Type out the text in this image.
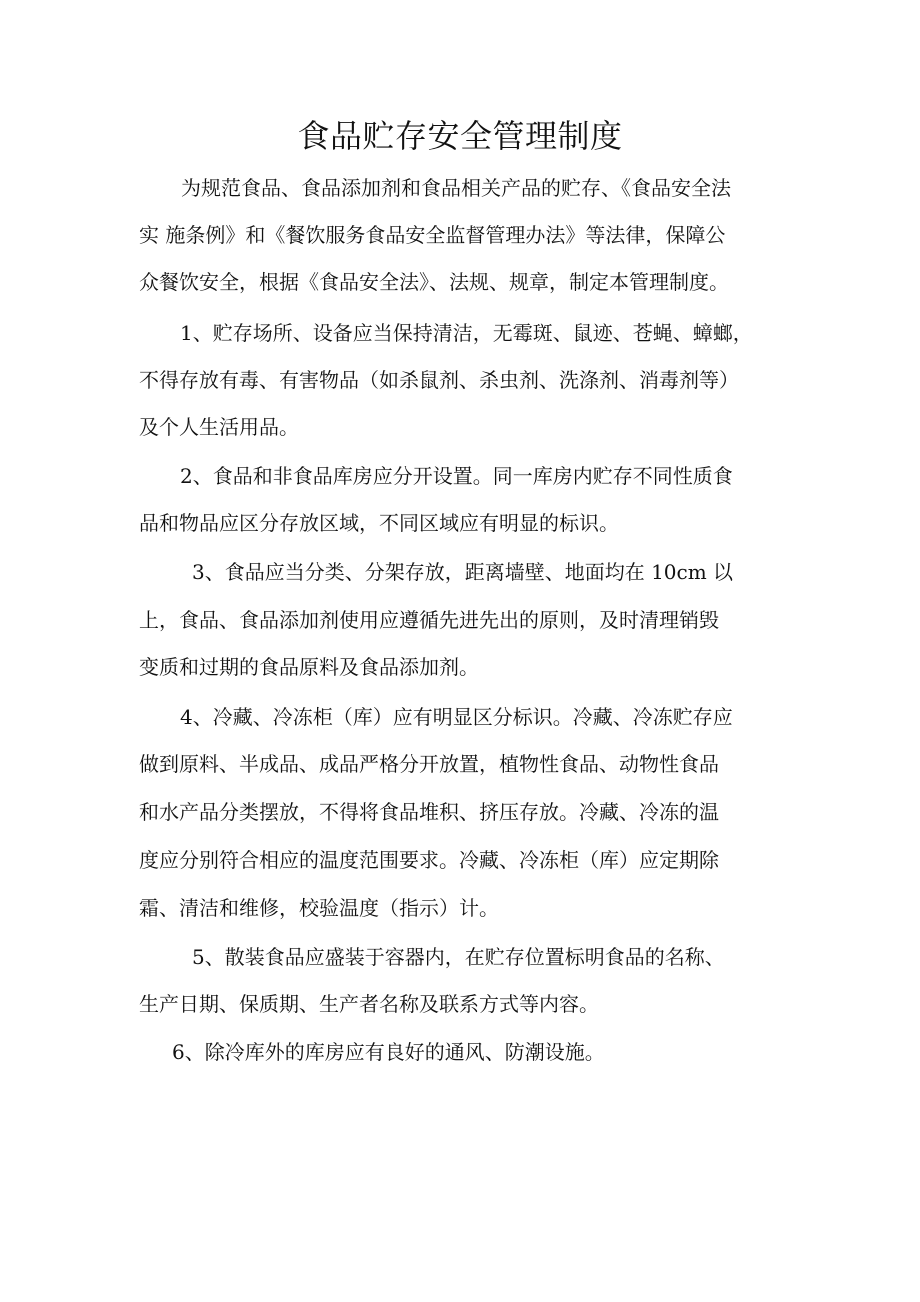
食品贮存安全管理制度
为规范食品、食品添加剂和食品相关产品的贮存、《食品安全法
实 施条例》和《餐饮服务食品安全监督管理办法》等法律，保障公
众餐饮安全，根据《食品安全法》、法规、规章，制定本管理制度。
1、贮存场所、设备应当保持清洁，无霉斑、鼠迹、苍蝇、蟑螂，
不得存放有毒、有害物品（如杀鼠剂、杀虫剂、洗涤剂、消毒剂等）
及个人生活用品。
2、食品和非食品库房应分开设置。同一库房内贮存不同性质食
品和物品应区分存放区域，不同区域应有明显的标识。
3、食品应当分类、分架存放，距离墙壁、地面均在 10cm 以
上，食品、食品添加剂使用应遵循先进先出的原则，及时清理销毁
变质和过期的食品原料及食品添加剂。
4、冷藏、冷冻柜（库）应有明显区分标识。冷藏、冷冻贮存应
做到原料、半成品、成品严格分开放置，植物性食品、动物性食品
和水产品分类摆放，不得将食品堆积、挤压存放。冷藏、冷冻的温
度应分别符合相应的温度范围要求。冷藏、冷冻柜（库）应定期除
霜、清洁和维修，校验温度（指示）计。
5、散装食品应盛装于容器内，在贮存位置标明食品的名称、
生产日期、保质期、生产者名称及联系方式等内容。
6、除冷库外的库房应有良好的通风、防潮设施。
